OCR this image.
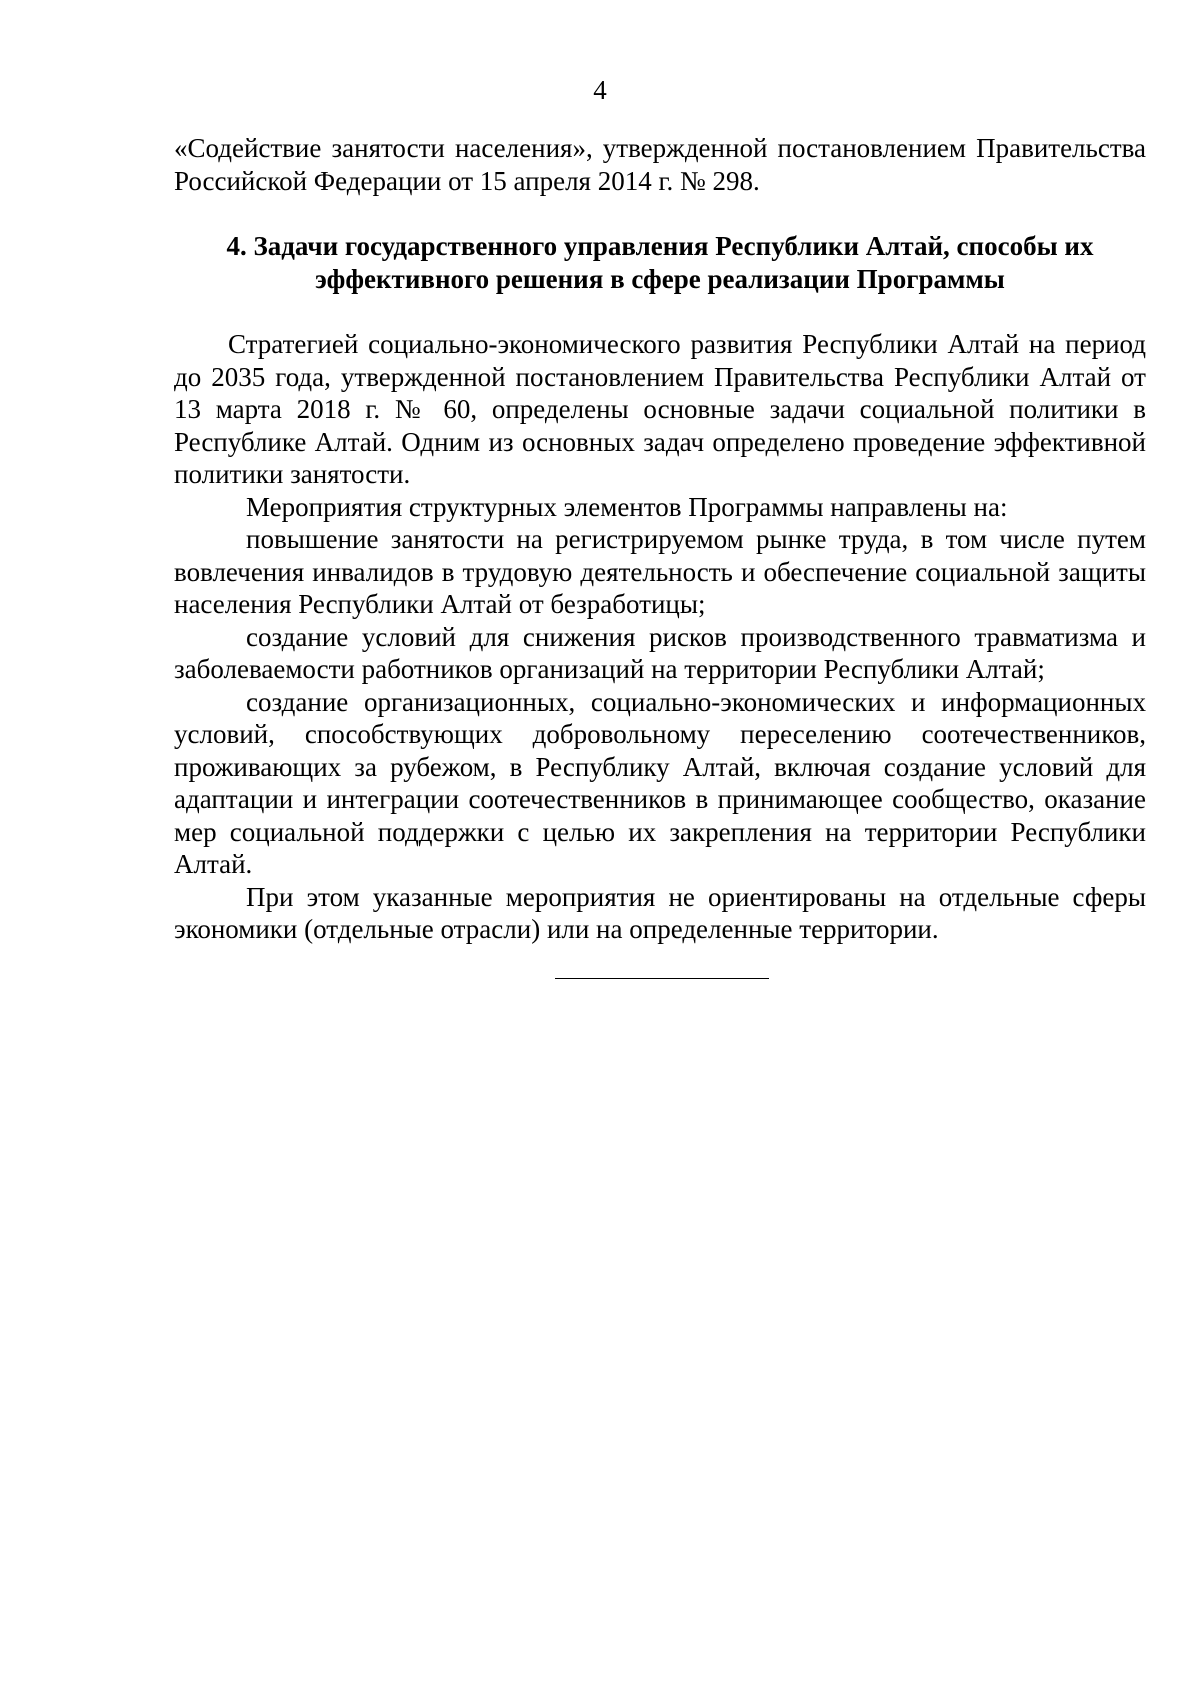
4

«Содействие занятости населения», утвержденной постановлением Правительства Российской Федерации от 15 апреля 2014 г. № 298.

4. Задачи государственного управления Республики Алтай, способы их
эффективного решения в сфере реализации Программы

Стратегией социально-экономического развития Республики Алтай на период до 2035 года, утвержденной постановлением Правительства Республики Алтай от 13 марта 2018 г. № 60, определены основные задачи социальной политики в Республике Алтай. Одним из основных задач определено проведение эффективной политики занятости.

Мероприятия структурных элементов Программы направлены на:

повышение занятости на регистрируемом рынке труда, в том числе путем вовлечения инвалидов в трудовую деятельность и обеспечение социальной защиты населения Республики Алтай от безработицы;

создание условий для снижения рисков производственного травматизма и заболеваемости работников организаций на территории Республики Алтай;

создание организационных, социально-экономических и информационных условий, способствующих добровольному переселению соотечественников, проживающих за рубежом, в Республику Алтай, включая создание условий для адаптации и интеграции соотечественников в принимающее сообщество, оказание мер социальной поддержки с целью их закрепления на территории Республики Алтай.

При этом указанные мероприятия не ориентированы на отдельные сферы экономики (отдельные отрасли) или на определенные территории.
